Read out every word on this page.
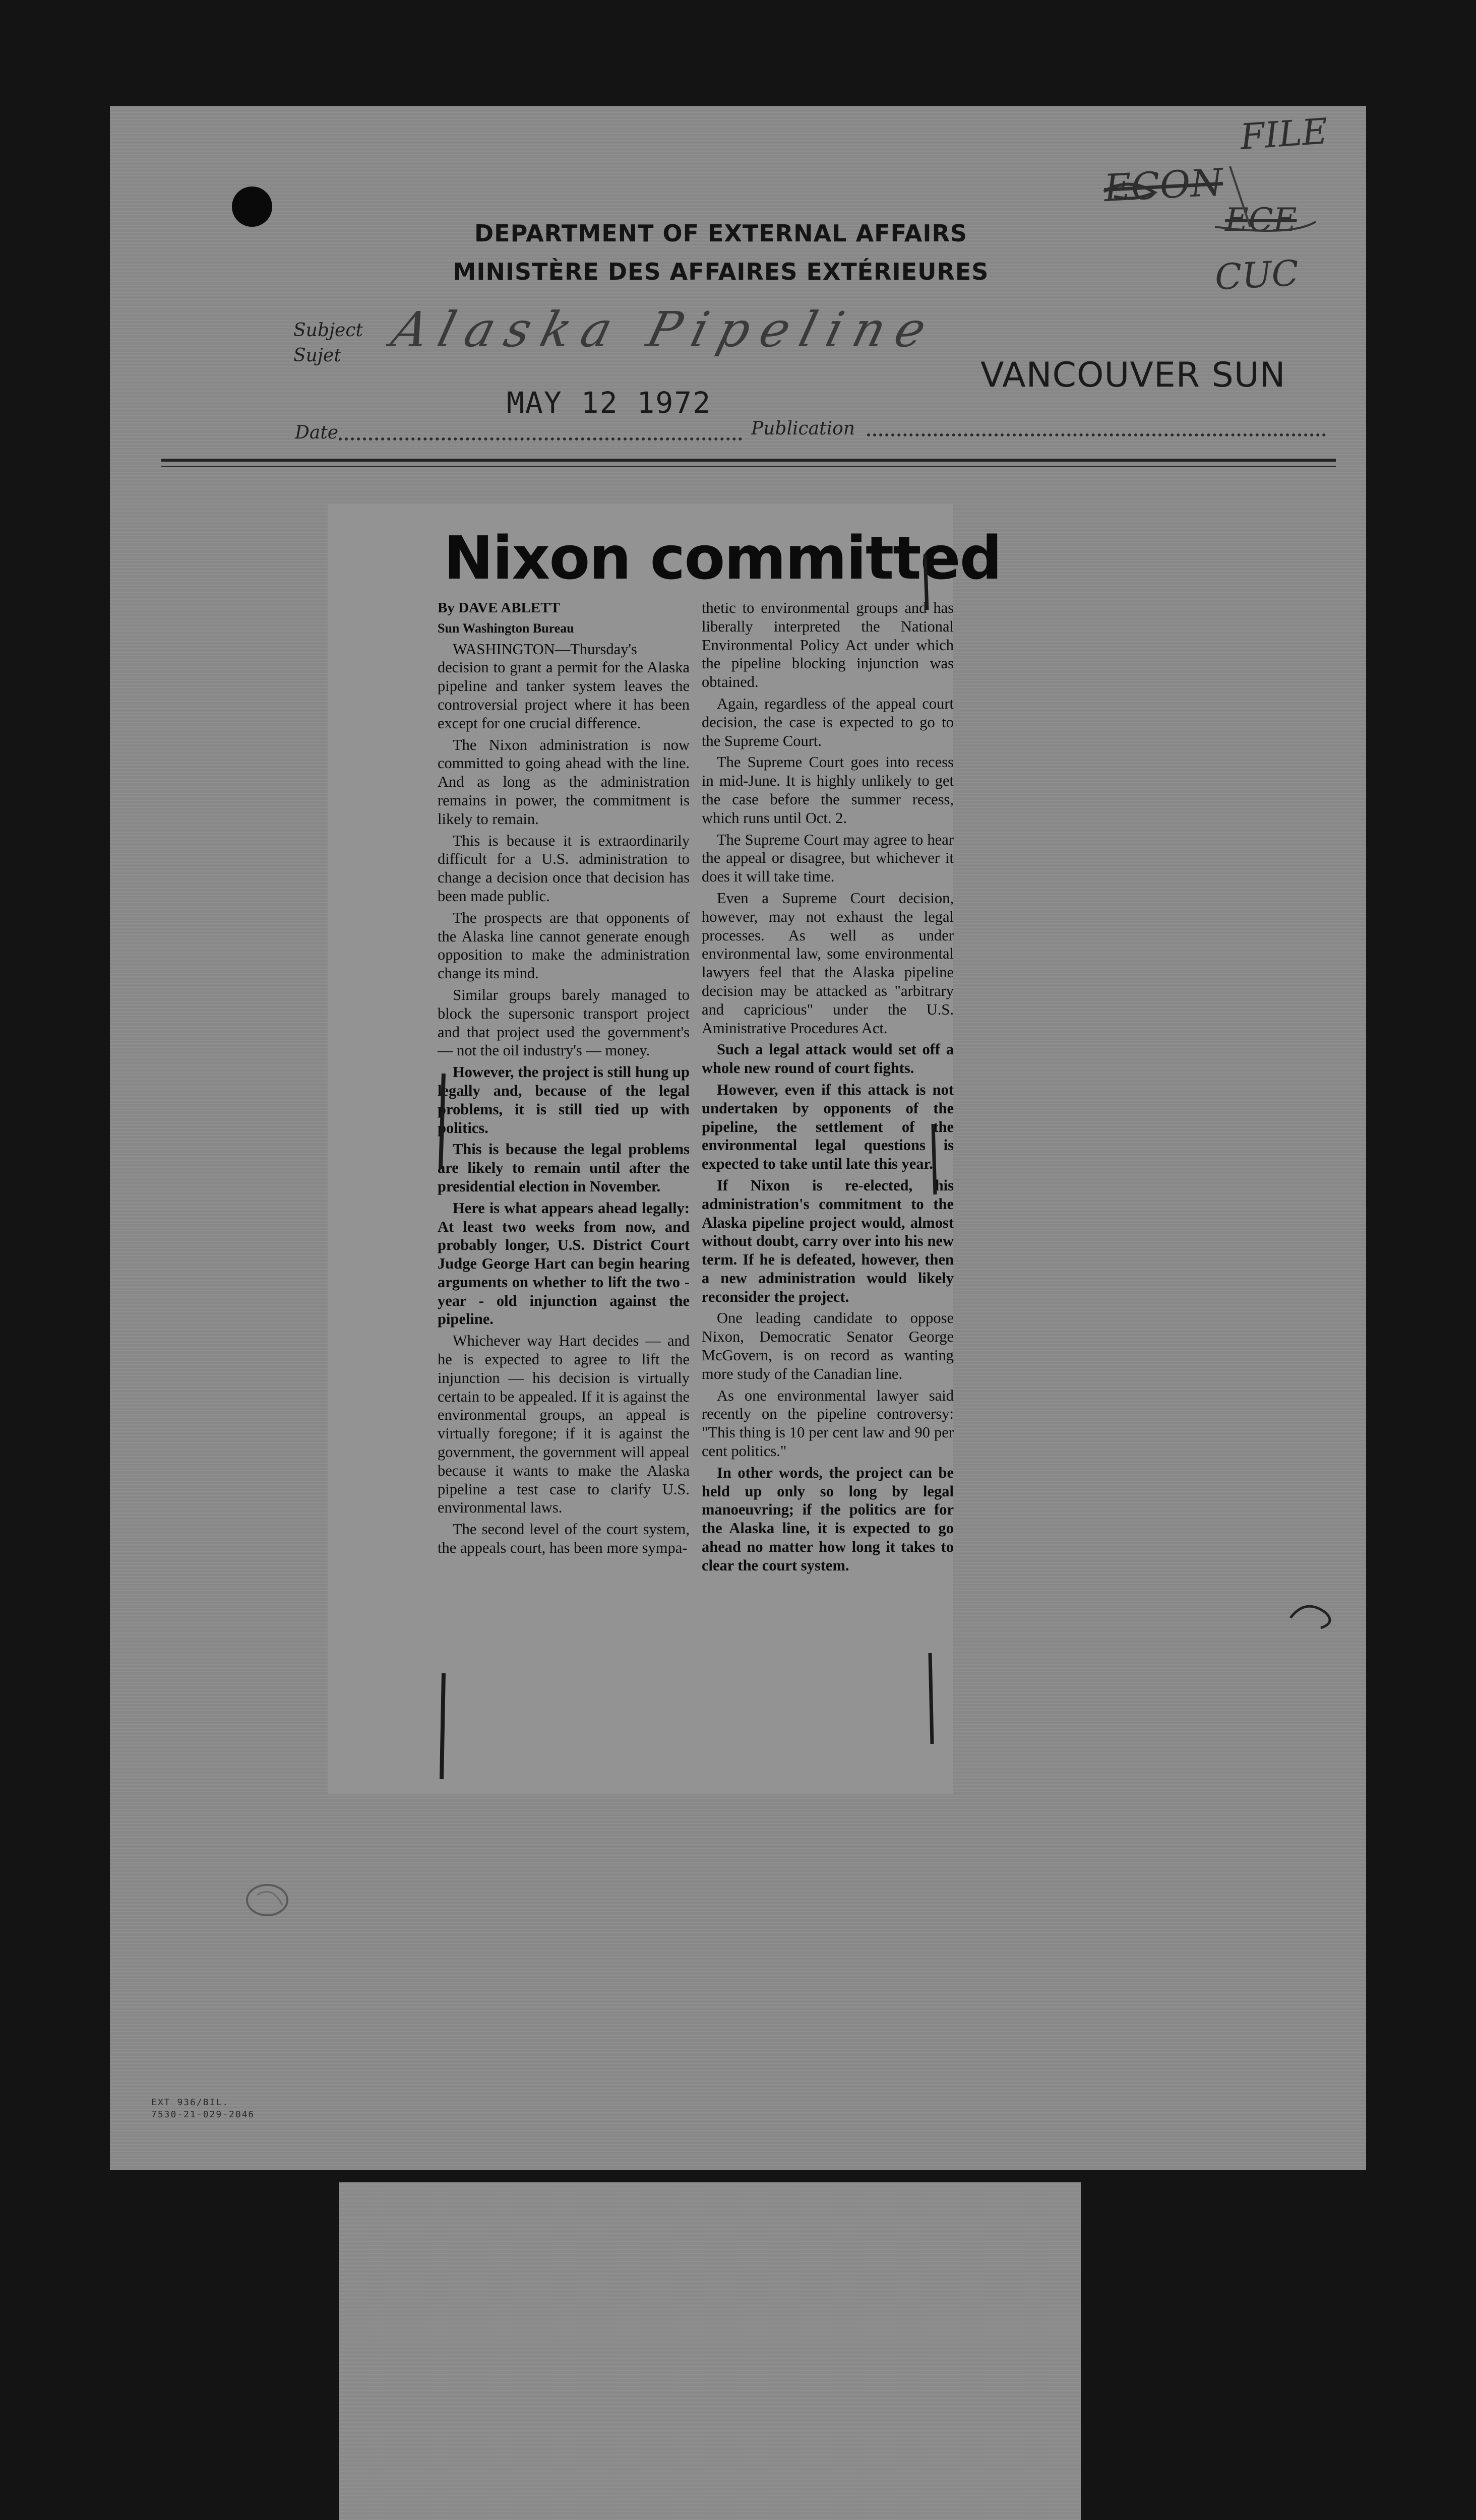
DEPARTMENT OF EXTERNAL AFFAIRS
MINISTÈRE DES AFFAIRES EXTÉRIEURES
Subject
Sujet Alaska Pipeline
MAY 12 1972
VANCOUVER SUN
Date	Publication
FILE
ECON
ECE
CUC
Nixon committed

By DAVE ABLETT

Sun Washington Bureau

WASHINGTON—Thursday's decision to grant a permit for the Alaska pipeline and tanker system leaves the controversial project where it has been except for one crucial difference.

The Nixon administration is now committed to going ahead with the line. And as long as the administration remains in power, the commitment is likely to remain.

This is because it is extraordinarily difficult for a U.S. administration to change a decision once that decision has been made public.

The prospects are that opponents of the Alaska line cannot generate enough opposition to make the administration change its mind.

Similar groups barely managed to block the supersonic transport project and that project used the government's — not the oil industry's — money.

However, the project is still hung up legally and, because of the legal problems, it is still tied up with politics.

This is because the legal problems are likely to remain until after the presidential election in November.

Here is what appears ahead legally: At least two weeks from now, and probably longer, U.S. District Court Judge George Hart can begin hearing arguments on whether to lift the two - year - old injunction against the pipeline.

Whichever way Hart decides — and he is expected to agree to lift the injunction — his decision is virtually certain to be appealed. If it is against the environmental groups, an appeal is virtually foregone; if it is against the government, the government will appeal because it wants to make the Alaska pipeline a test case to clarify U.S. environmental laws.

The second level of the court system, the appeals court, has been more sympa-

thetic to environmental groups and has liberally interpreted the National Environmental Policy Act under which the pipeline blocking injunction was obtained.

Again, regardless of the appeal court decision, the case is expected to go to the Supreme Court.

The Supreme Court goes into recess in mid-June. It is highly unlikely to get the case before the summer recess, which runs until Oct. 2.

The Supreme Court may agree to hear the appeal or disagree, but whichever it does it will take time.

Even a Supreme Court decision, however, may not exhaust the legal processes. As well as under environmental law, some environmental lawyers feel that the Alaska pipeline decision may be attacked as "arbitrary and capricious" under the U.S. Aministrative Procedures Act.

Such a legal attack would set off a whole new round of court fights.

However, even if this attack is not undertaken by opponents of the pipeline, the settlement of the environmental legal questions is expected to take until late this year.

If Nixon is re-elected, his administration's commitment to the Alaska pipeline project would, almost without doubt, carry over into his new term. If he is defeated, however, then a new administration would likely reconsider the project.

One leading candidate to oppose Nixon, Democratic Senator George McGovern, is on record as wanting more study of the Canadian line.

As one environmental lawyer said recently on the pipeline controversy: "This thing is 10 per cent law and 90 per cent politics."

In other words, the project can be held up only so long by legal manoeuvring; if the politics are for the Alaska line, it is expected to go ahead no matter how long it takes to clear the court system.

EXT 936/BIL.
7530-21-029-2046
